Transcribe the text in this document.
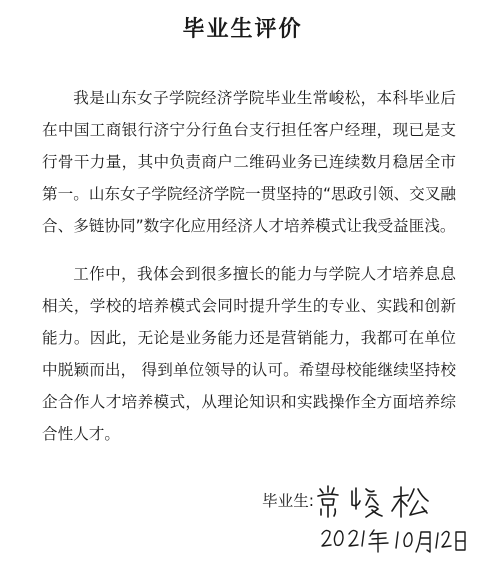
毕业生评价

我是山东女子学院经济学院毕业生常峻松，本科毕业后在中国工商银行济宁分行鱼台支行担任客户经理，现已是支行骨干力量，其中负责商户二维码业务已连续数月稳居全市第一。山东女子学院经济学院一贯坚持的“思政引领、交叉融合、多链协同”数字化应用经济人才培养模式让我受益匪浅。

工作中，我体会到很多擅长的能力与学院人才培养息息相关，学校的培养模式会同时提升学生的专业、实践和创新能力。因此，无论是业务能力还是营销能力，我都可在单位中脱颖而出， 得到单位领导的认可。希望母校能继续坚持校企合作人才培养模式，从理论知识和实践操作全方面培养综合性人才。

毕业生:
